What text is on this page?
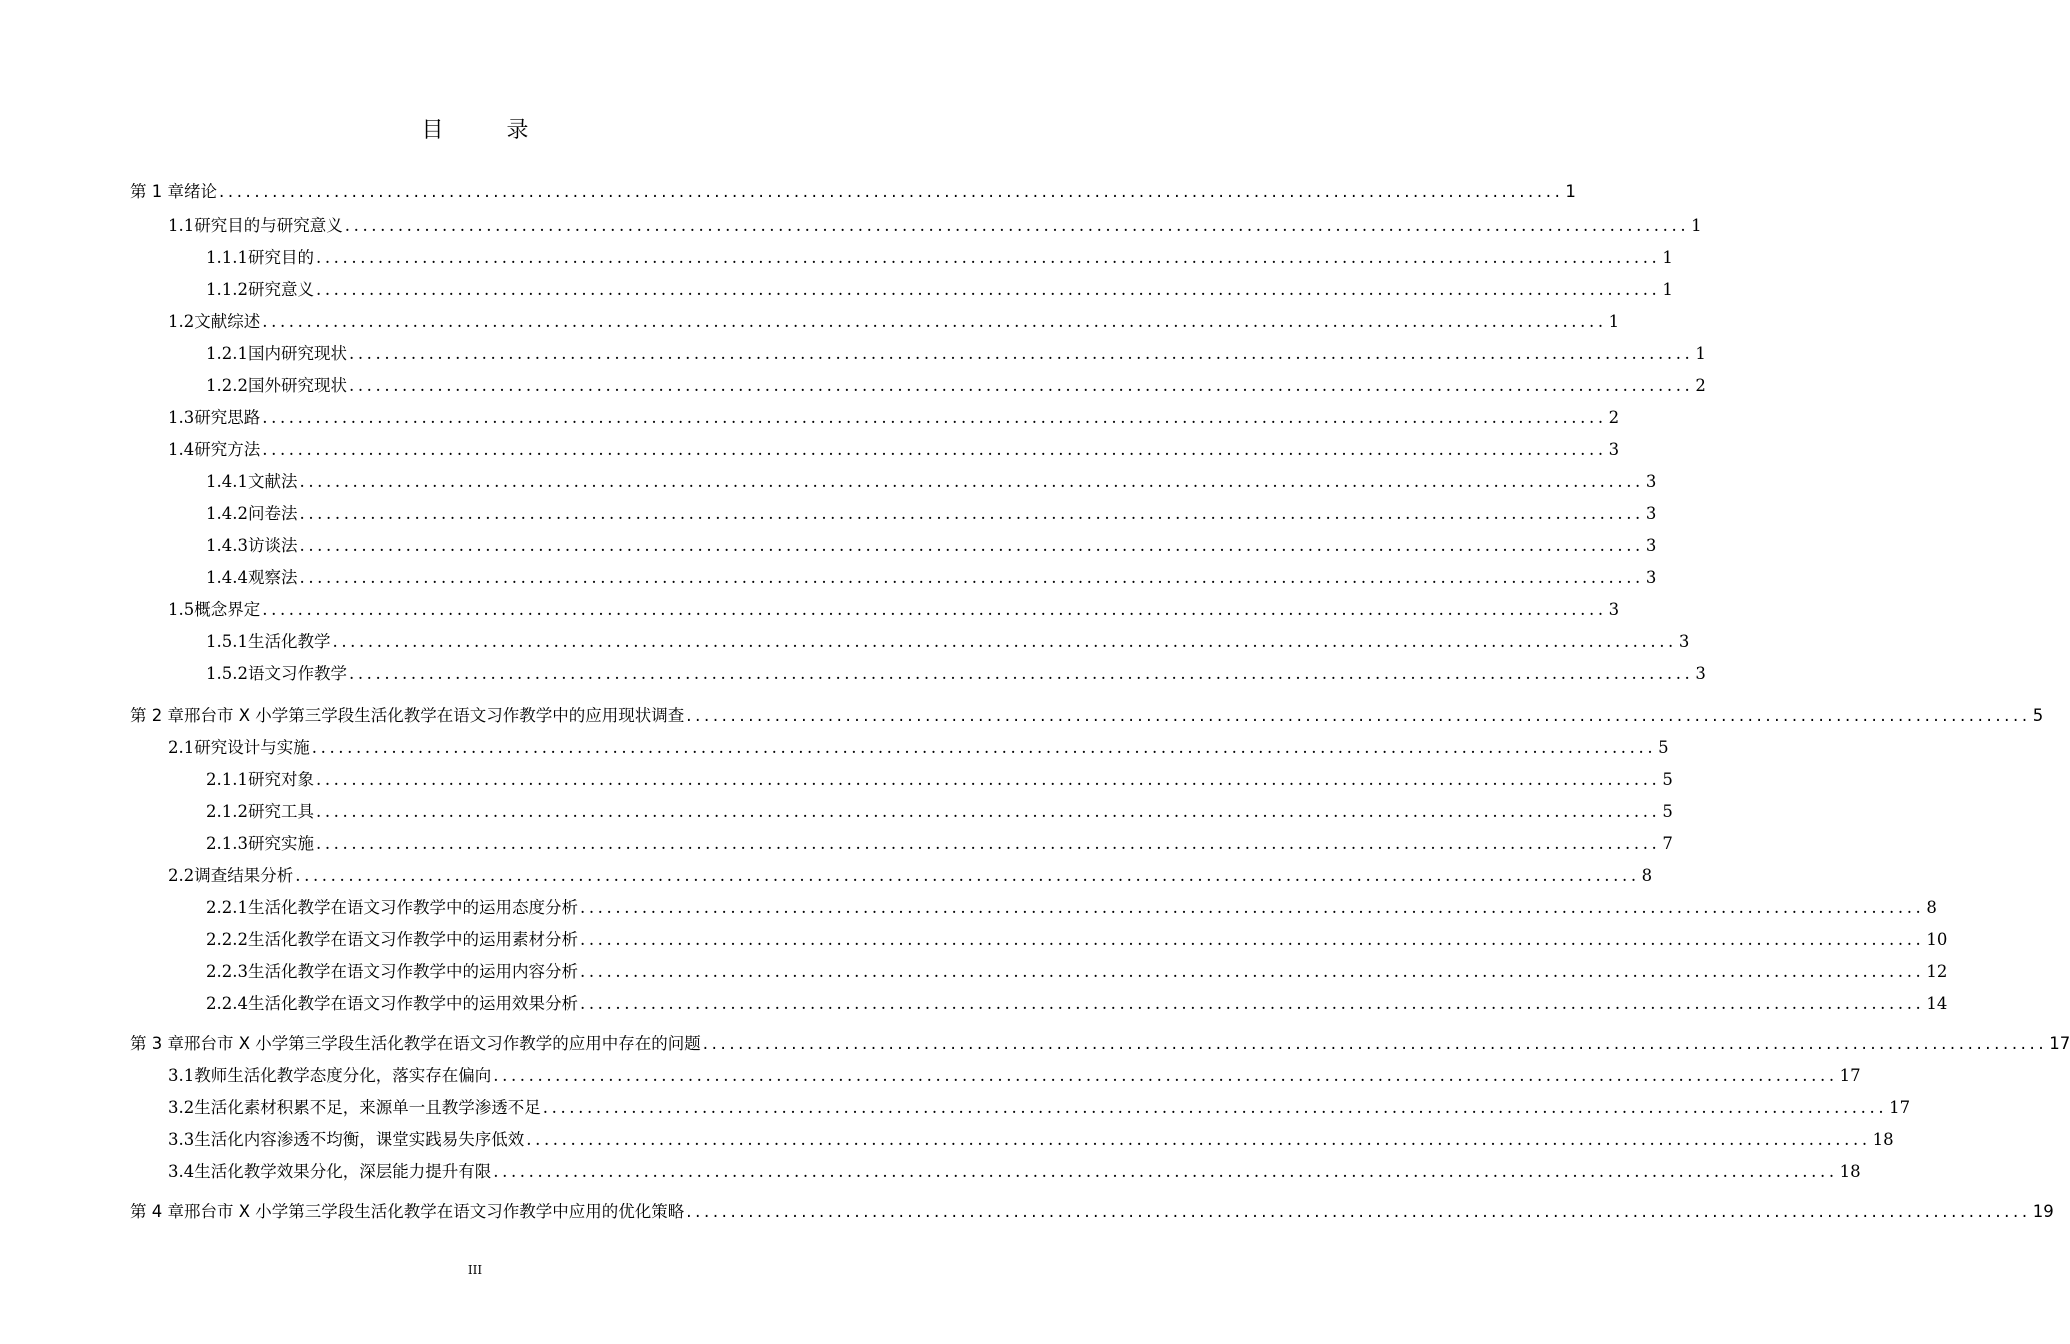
目 录
第 1 章 绪论 ........................................................................................................................................................ 1
1.1 研究目的与研究意义 ........................................................................................................................................................ 1
1.1.1 研究目的 ........................................................................................................................................................ 1
1.1.2 研究意义 ........................................................................................................................................................ 1
1.2 文献综述 ........................................................................................................................................................ 1
1.2.1 国内研究现状 ........................................................................................................................................................ 1
1.2.2 国外研究现状 ........................................................................................................................................................ 2
1.3 研究思路 ........................................................................................................................................................ 2
1.4 研究方法 ........................................................................................................................................................ 3
1.4.1 文献法 ........................................................................................................................................................ 3
1.4.2 问卷法 ........................................................................................................................................................ 3
1.4.3 访谈法 ........................................................................................................................................................ 3
1.4.4 观察法 ........................................................................................................................................................ 3
1.5 概念界定 ........................................................................................................................................................ 3
1.5.1 生活化教学 ........................................................................................................................................................ 3
1.5.2 语文习作教学 ........................................................................................................................................................ 3
第 2 章 邢台市 X 小学第三学段生活化教学在语文习作教学中的应用现状调查 ........................................................................................................................................................ 5
2.1 研究设计与实施 ........................................................................................................................................................ 5
2.1.1 研究对象 ........................................................................................................................................................ 5
2.1.2 研究工具 ........................................................................................................................................................ 5
2.1.3 研究实施 ........................................................................................................................................................ 7
2.2 调查结果分析 ........................................................................................................................................................ 8
2.2.1 生活化教学在语文习作教学中的运用态度分析 ........................................................................................................................................................ 8
2.2.2 生活化教学在语文习作教学中的运用素材分析 ........................................................................................................................................................ 10
2.2.3 生活化教学在语文习作教学中的运用内容分析 ........................................................................................................................................................ 12
2.2.4 生活化教学在语文习作教学中的运用效果分析 ........................................................................................................................................................ 14
第 3 章 邢台市 X 小学第三学段生活化教学在语文习作教学的应用中存在的问题 ........................................................................................................................................................ 17
3.1 教师生活化教学态度分化，落实存在偏向 ........................................................................................................................................................ 17
3.2 生活化素材积累不足，来源单一且教学渗透不足 ........................................................................................................................................................ 17
3.3 生活化内容渗透不均衡，课堂实践易失序低效 ........................................................................................................................................................ 18
3.4 生活化教学效果分化，深层能力提升有限 ........................................................................................................................................................ 18
第 4 章 邢台市 X 小学第三学段生活化教学在语文习作教学中应用的优化策略 ........................................................................................................................................................ 19
III
